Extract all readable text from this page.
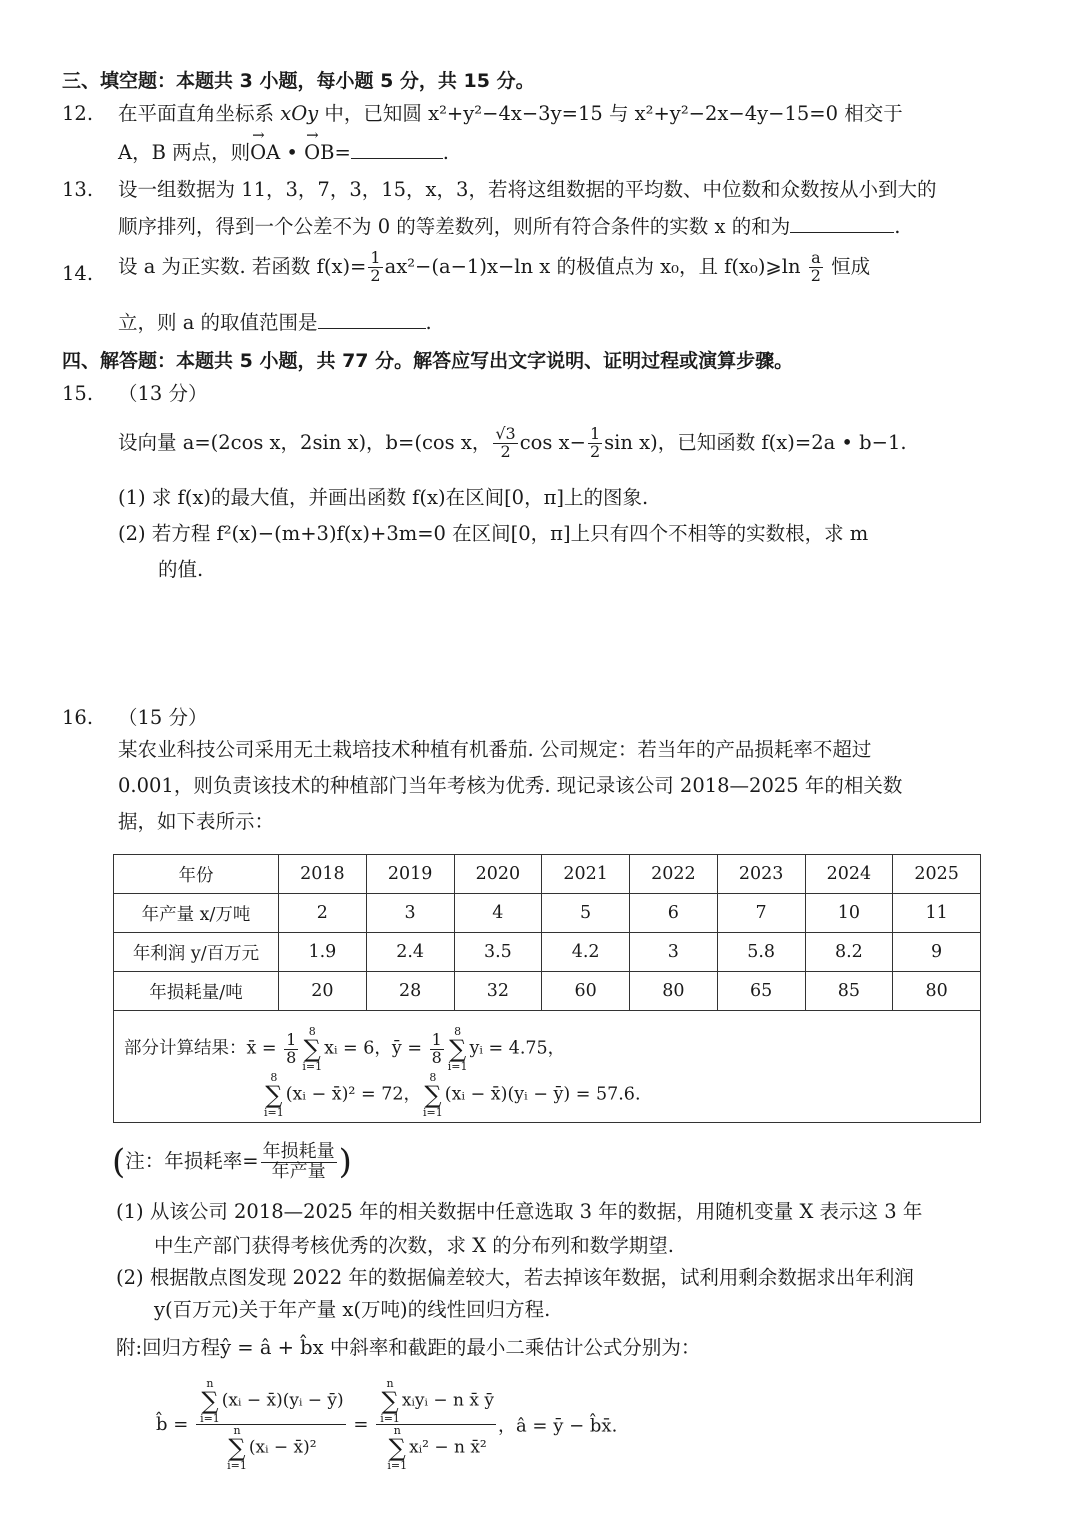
三、填空题：本题共 3 小题，每小题 5 分，共 15 分。
12. 在平面直角坐标系 xOy 中，已知圆 x²+y²−4x−3y=15 与 x²+y²−2x−4y−15=0 相交于
A，B 两点，则OA → • OB →=	.
13. 设一组数据为 11，3，7，3，15，x，3，若将这组数据的平均数、中位数和众数按从小到大的
顺序排列，得到一个公差不为 0 的等差数列，则所有符合条件的实数 x 的和为	.
14. 设 a 为正实数. 若函数 $f(x)= \frac{1}{2} ax^2-(a-1)x-\ln$ x 的极值点为 x₀，且 f(x₀)⩾ln $\frac{a}{2}$ 恒成
立，则 a 的取值范围是	.
四、解答题：本题共 5 小题，共 77 分。解答应写出文字说明、证明过程或演算步骤。
15. （13 分）
设向量 a=(2cos x，2sin x)，b=(cos x， $\frac{√3}{2}$ $\cos x- \frac{1}{2}$ sin x)，已知函数 f(x)=2a • b−1.
(1) 求 f(x)的最大值，并画出函数 f(x)在区间[0，π]上的图象.
(2) 若方程 f²(x)−(m+3)f(x)+3m=0 在区间[0，π]上只有四个不相等的实数根，求 m
的值.
16. （15 分）
某农业科技公司采用无土栽培技术种植有机番茄. 公司规定：若当年的产品损耗率不超过
0.001，则负责该技术的种植部门当年考核为优秀. 现记录该公司 2018—2025 年的相关数
据，如下表所示：
年份	2018	2019	2020	2021	2022	2023	2024	2025
年产量 x/万吨	2	3	4	5	6	7	10	11
年利润 y/百万元	1.9	2.4	3.5	4.2	3	5.8	8.2	9
年损耗量/吨	20	28	32	60	80	65	85	80
部分计算结果：x̄ = $\frac{1}{8}$
8
∑
i=1xᵢ = 6，ȳ = $\frac{1}{8}$
8
∑
i=1yᵢ = 4.75，
8
∑
i=1(xᵢ − x̄)² = 72，8
∑
i=1(xᵢ − x̄)(yᵢ − ȳ) = 57.6.
(注：年损耗率= $\frac{\text{年损耗量}}{\text{年产量}}$ )
(1) 从该公司 2018—2025 年的相关数据中任意选取 3 年的数据，用随机变量 X 表示这 3 年
中生产部门获得考核优秀的次数，求 X 的分布列和数学期望.
(2) 根据散点图发现 2022 年的数据偏差较大，若去掉该年数据，试利用剩余数据求出年利润
y(百万元)关于年产量 x(万吨)的线性回归方程.
附:回归方程ŷ = â + b̂x 中斜率和截距的最小二乘估计公式分别为：
b̂ = n
∑
i=1(xᵢ − x̄)(yᵢ − ȳ)
n
∑
i=1(xᵢ − x̄)² = n
∑
i=1xᵢyᵢ − n x̄ ȳ
n
∑
i=1xᵢ² − n x̄² ，â = ȳ − b̂x̄.
